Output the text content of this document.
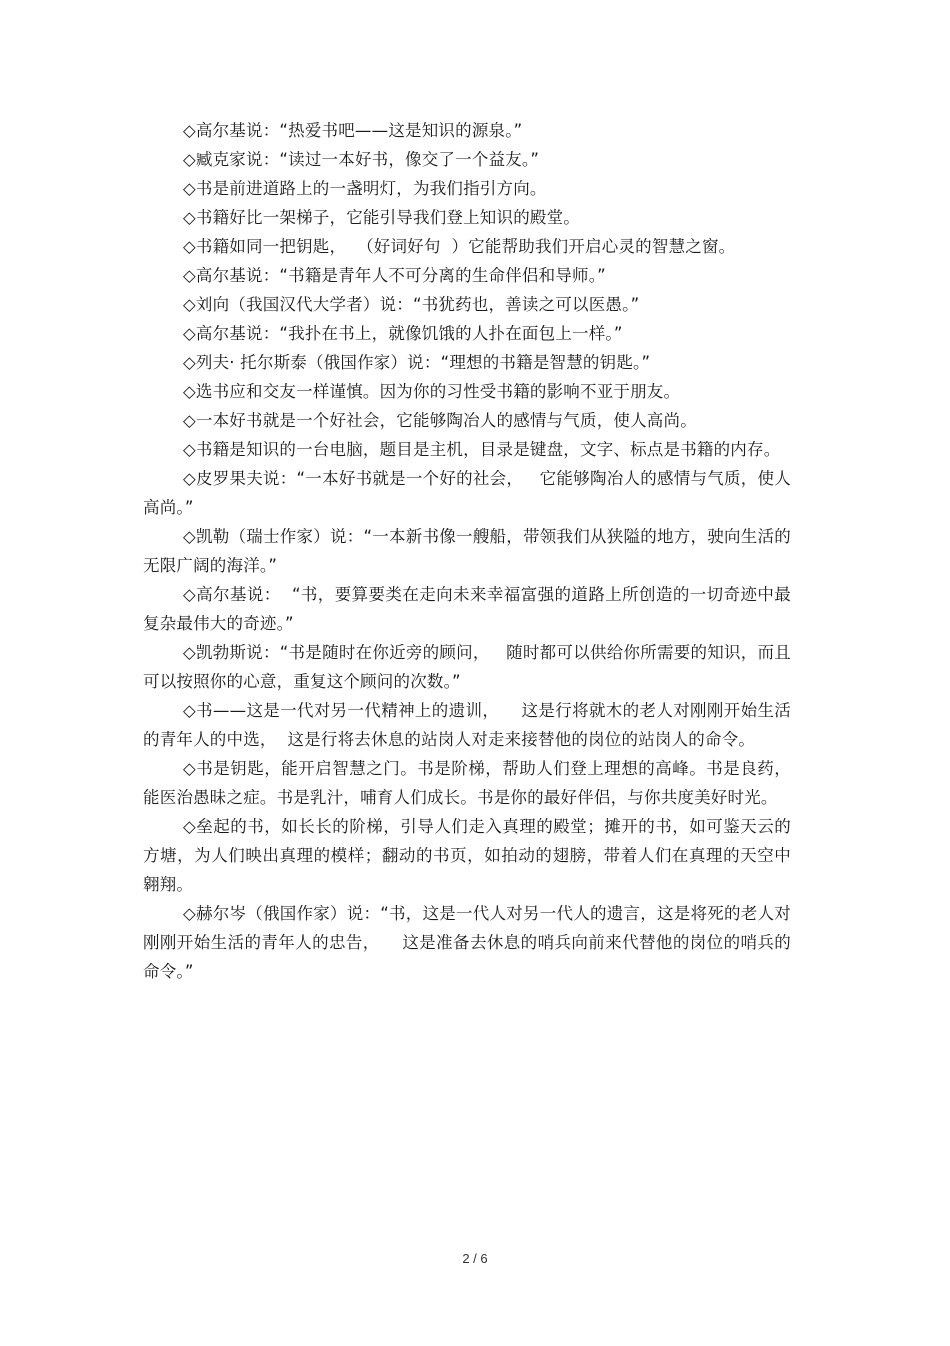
◇高尔基说：“热爱书吧——这是知识的源泉。”

◇臧克家说：“读过一本好书，像交了一个益友。”

◇书是前进道路上的一盏明灯，为我们指引方向。

◇书籍好比一架梯子，它能引导我们登上知识的殿堂。

◇书籍如同一把钥匙，  （好词好句  ）它能帮助我们开启心灵的智慧之窗。

◇高尔基说：“书籍是青年人不可分离的生命伴侣和导师。”

◇刘向（我国汉代大学者）说：“书犹药也，善读之可以医愚。”

◇高尔基说：“我扑在书上，就像饥饿的人扑在面包上一样。”

◇列夫· 托尔斯泰（俄国作家）说：“理想的书籍是智慧的钥匙。”

◇选书应和交友一样谨慎。因为你的习性受书籍的影响不亚于朋友。

◇一本好书就是一个好社会，它能够陶冶人的感情与气质，使人高尚。

◇书籍是知识的一台电脑，题目是主机，目录是键盘，文字、标点是书籍的内存。

◇皮罗果夫说：“一本好书就是一个好的社会，   它能够陶冶人的感情与气质，使人高尚。”

◇凯勒（瑞士作家）说：“一本新书像一艘船，带领我们从狭隘的地方，驶向生活的无限广阔的海洋。”

◇高尔基说：  “书，要算要类在走向未来幸福富强的道路上所创造的一切奇迹中最复杂最伟大的奇迹。”

◇凯勃斯说：“书是随时在你近旁的顾问，   随时都可以供给你所需要的知识，而且可以按照你的心意，重复这个顾问的次数。”

◇书——这是一代对另一代精神上的遗训，    这是行将就木的老人对刚刚开始生活的青年人的中选，  这是行将去休息的站岗人对走来接替他的岗位的站岗人的命令。

◇书是钥匙，能开启智慧之门。书是阶梯，帮助人们登上理想的高峰。书是良药，能医治愚昧之症。书是乳汁，哺育人们成长。书是你的最好伴侣，与你共度美好时光。

◇垒起的书，如长长的阶梯，引导人们走入真理的殿堂；摊开的书，如可鉴天云的方塘，为人们映出真理的模样；翻动的书页，如拍动的翅膀，带着人们在真理的天空中翱翔。

◇赫尔岑（俄国作家）说：“书，这是一代人对另一代人的遗言，这是将死的老人对刚刚开始生活的青年人的忠告，    这是准备去休息的哨兵向前来代替他的岗位的哨兵的命令。”

2 / 6
